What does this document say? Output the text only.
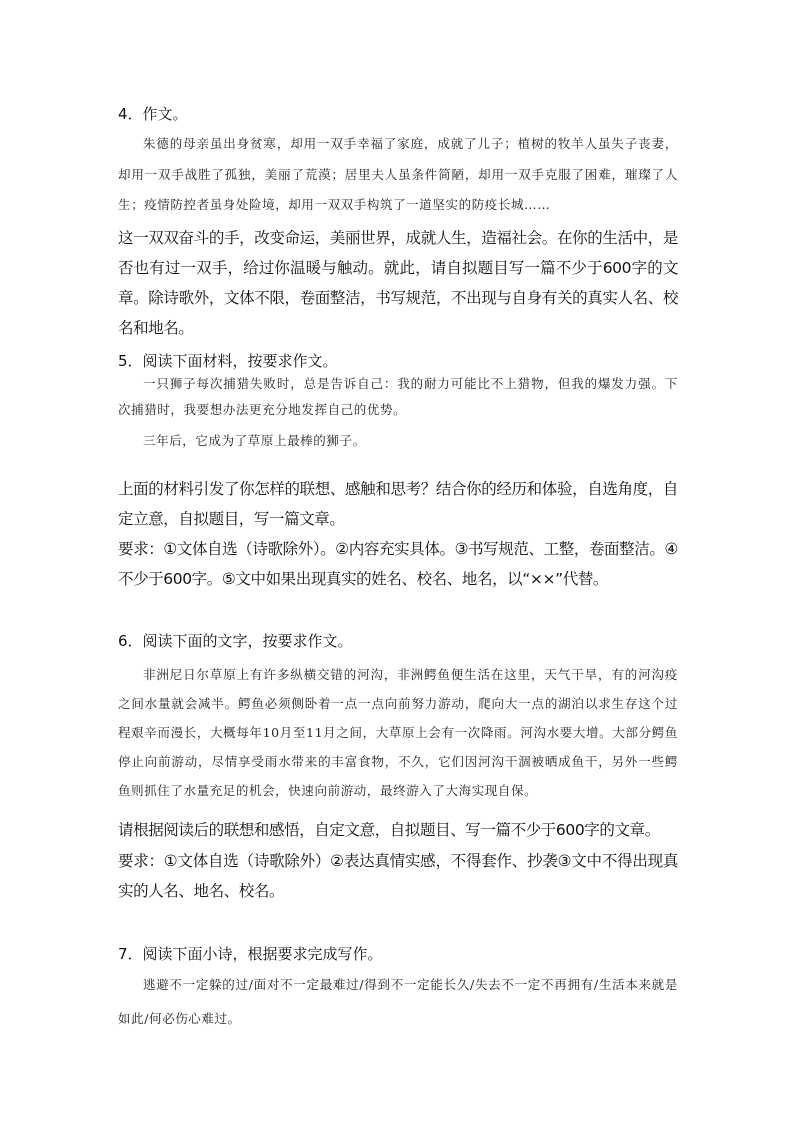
4．作文。
朱德的母亲虽出身贫寒，却用一双手幸福了家庭，成就了儿子；植树的牧羊人虽失子丧妻，却用一双手战胜了孤独，美丽了荒漠；居里夫人虽条件简陋，却用一双手克服了困难，璀璨了人生；疫情防控者虽身处险境，却用一双双手构筑了一道坚实的防疫长城……
这一双双奋斗的手，改变命运，美丽世界，成就人生，造福社会。在你的生活中，是否也有过一双手，给过你温暖与触动。就此，请自拟题目写一篇不少于600字的文章。除诗歌外，文体不限，卷面整洁，书写规范，不出现与自身有关的真实人名、校名和地名。
5．阅读下面材料，按要求作文。
一只狮子每次捕猎失败时，总是告诉自己：我的耐力可能比不上猎物，但我的爆发力强。下次捕猎时，我要想办法更充分地发挥自己的优势。
三年后，它成为了草原上最棒的狮子。
上面的材料引发了你怎样的联想、感触和思考？结合你的经历和体验，自选角度，自定立意，自拟题目，写一篇文章。
要求：①文体自选（诗歌除外）。②内容充实具体。③书写规范、工整，卷面整洁。④不少于600字。⑤文中如果出现真实的姓名、校名、地名，以“××”代替。
6．阅读下面的文字，按要求作文。
非洲尼日尔草原上有许多纵横交错的河沟，非洲鳄鱼便生活在这里，天气干旱，有的河沟疫之间水量就会减半。鳄鱼必须侧卧着一点一点向前努力游动，爬向大一点的湖泊以求生存这个过程艰辛而漫长，大概每年10月至11月之间，大草原上会有一次降雨。河沟水要大增。大部分鳄鱼停止向前游动，尽情享受雨水带来的丰富食物，不久，它们因河沟干涸被晒成鱼干，另外一些鳄鱼则抓住了水量充足的机会，快速向前游动，最终游入了大海实现自保。
请根据阅读后的联想和感悟，自定文意，自拟题目、写一篇不少于600字的文章。
要求：①文体自选（诗歌除外）②表达真情实感，不得套作、抄袭③文中不得出现真实的人名、地名、校名。
7．阅读下面小诗，根据要求完成写作。
逃避不一定躲的过/面对不一定最难过/得到不一定能长久/失去不一定不再拥有/生活本来就是如此/何必伤心难过。
